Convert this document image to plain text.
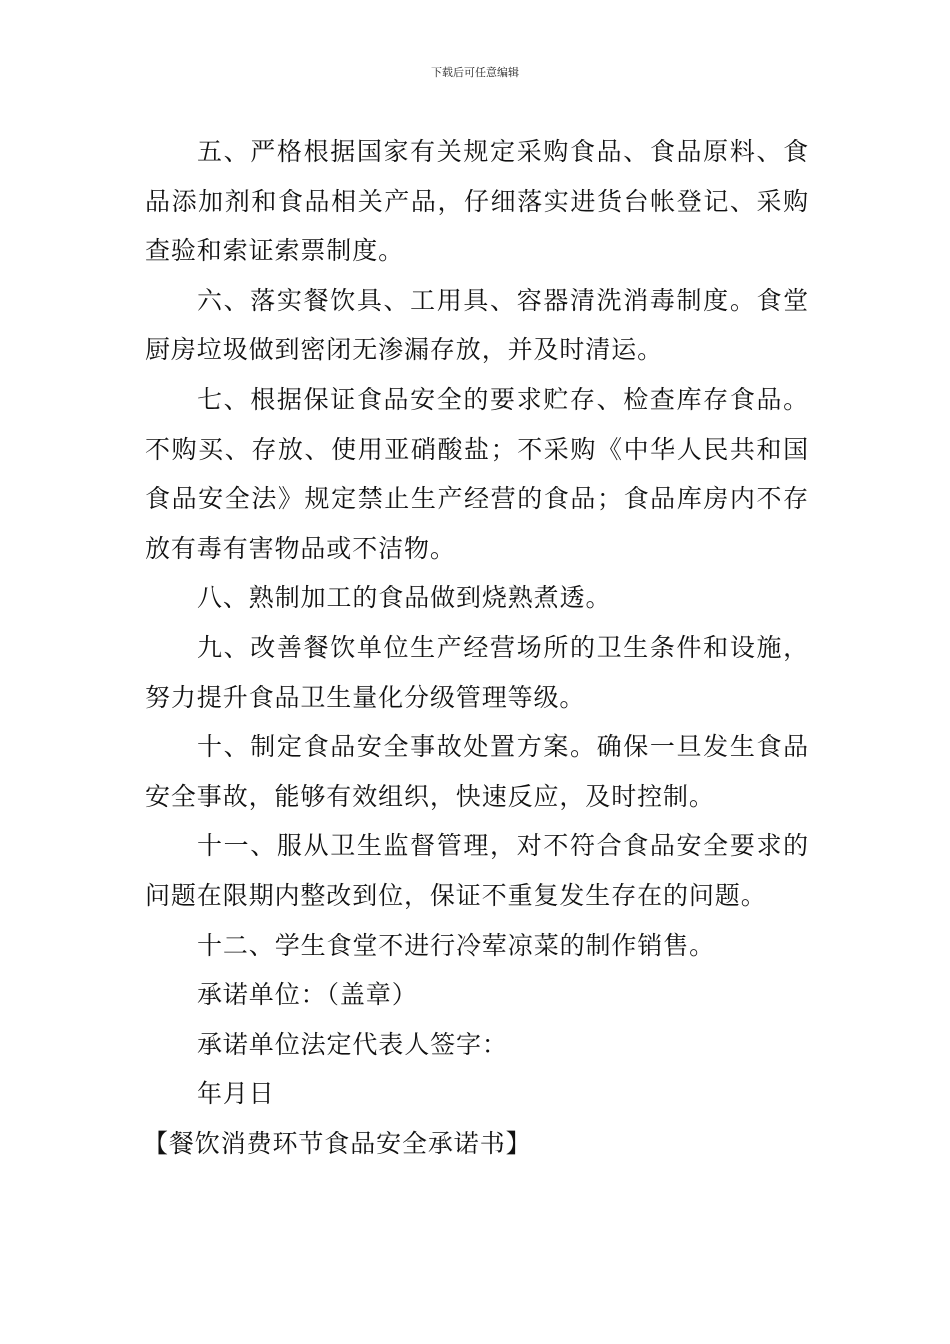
下载后可任意编辑

五、严格根据国家有关规定采购食品、食品原料、食品添加剂和食品相关产品，仔细落实进货台帐登记、采购查验和索证索票制度。

六、落实餐饮具、工用具、容器清洗消毒制度。食堂厨房垃圾做到密闭无渗漏存放，并及时清运。

七、根据保证食品安全的要求贮存、检查库存食品。不购买、存放、使用亚硝酸盐；不采购《中华人民共和国食品安全法》规定禁止生产经营的食品；食品库房内不存放有毒有害物品或不洁物。

八、熟制加工的食品做到烧熟煮透。

九、改善餐饮单位生产经营场所的卫生条件和设施，努力提升食品卫生量化分级管理等级。

十、制定食品安全事故处置方案。确保一旦发生食品安全事故，能够有效组织，快速反应，及时控制。

十一、服从卫生监督管理，对不符合食品安全要求的问题在限期内整改到位，保证不重复发生存在的问题。

十二、学生食堂不进行冷荤凉菜的制作销售。

承诺单位：（盖章）

承诺单位法定代表人签字：

年月日

【餐饮消费环节食品安全承诺书】
